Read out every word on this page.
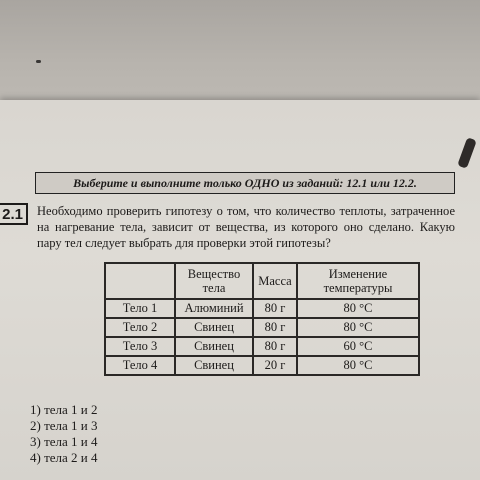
Выберите и выполните только ОДНО из заданий: 12.1 или 12.2.
2.1	Необходимо проверить гипотезу о том, что количество теплоты, затраченное на нагревание тела, зависит от вещества, из которого оно сделано. Какую пару тел следует выбрать для проверки этой гипотезы?
	Вещество тела	Масса	Изменение температуры
Тело 1	Алюминий	80 г	80 °С
Тело 2	Свинец	80 г	80 °С
Тело 3	Свинец	80 г	60 °С
Тело 4	Свинец	20 г	80 °С
1) тела 1 и 2
2) тела 1 и 3
3) тела 1 и 4
4) тела 2 и 4
